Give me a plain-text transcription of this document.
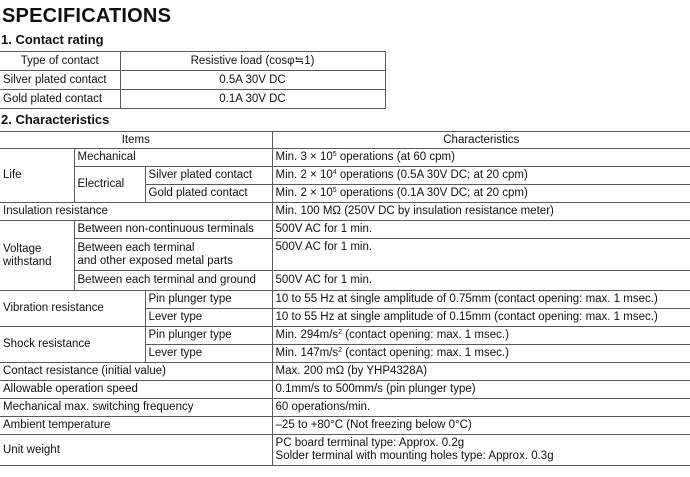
SPECIFICATIONS
1. Contact rating
Type of contact	Resistive load (cosφ≒1)
Silver plated contact	0.5A 30V DC
Gold plated contact	0.1A 30V DC
2. Characteristics
Items			Characteristics
Life	Mechanical		Min. $3 \times 10^5$ operations (at 60 cpm)
	Electrical	Silver plated contact	Min. $2 \times 10^4$ operations (0.5A 30V DC; at 20 cpm)
		Gold plated contact	Min. $2 \times 10^5$ operations (0.1A 30V DC; at 20 cpm)
Insulation resistance			Min. 100 MΩ (250V DC by insulation resistance meter)
Voltage
withstand	Between non-continuous terminals		500V AC for 1 min.
	Between each terminal
and other exposed metal parts		500V AC for 1 min.
	Between each terminal and ground		500V AC for 1 min.
Vibration resistance		Pin plunger type	10 to 55 Hz at single amplitude of 0.75mm (contact opening: max. 1 msec.)
		Lever type	10 to 55 Hz at single amplitude of 0.15mm (contact opening: max. 1 msec.)
Shock resistance		Pin plunger type	Min. $294m/s^2$ (contact opening: max. 1 msec.)
		Lever type	Min. $147m/s^2$ (contact opening: max. 1 msec.)
Contact resistance (initial value)			Max. 200 mΩ (by YHP4328A)
Allowable operation speed			0.1mm/s to 500mm/s (pin plunger type)
Mechanical max. switching frequency			60 operations/min.
Ambient temperature			–25 to +80°C (Not freezing below 0°C)
Unit weight			PC board terminal type: Approx. 0.2g
Solder terminal with mounting holes type: Approx. 0.3g
